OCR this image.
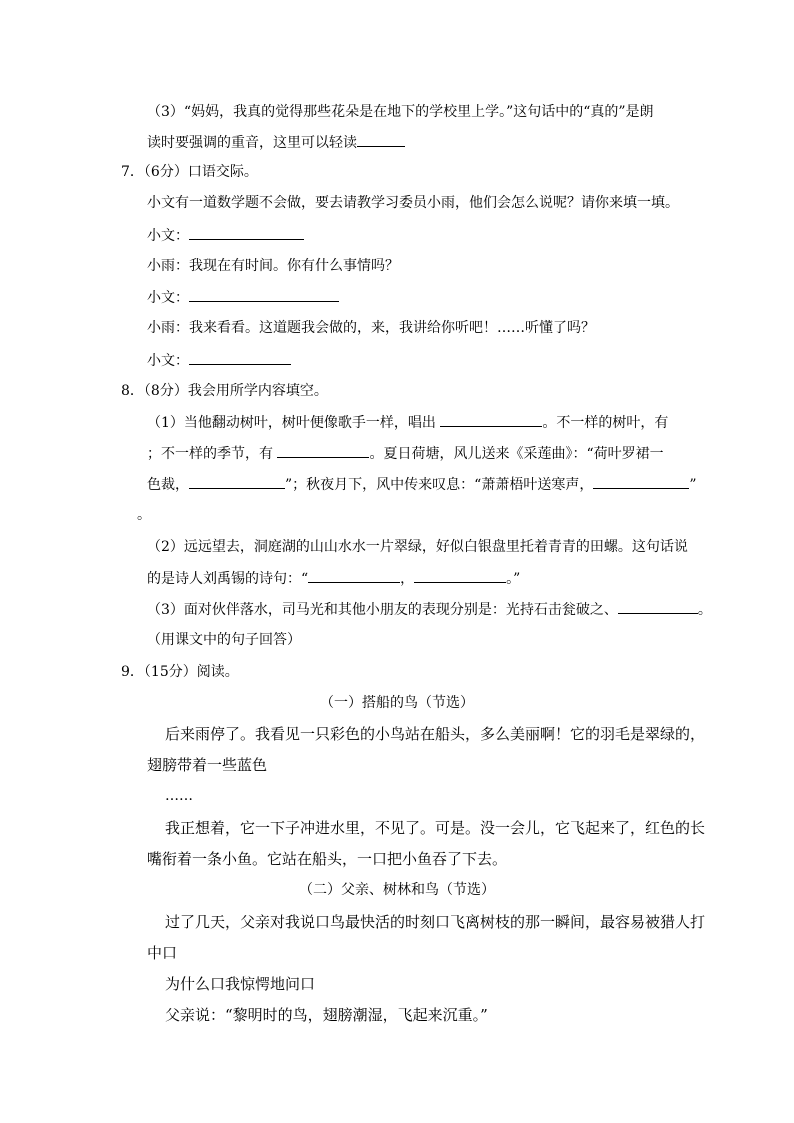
（3）“妈妈，我真的觉得那些花朵是在地下的学校里上学。”这句话中的“真的”是朗
读时要强调的重音，这里可以轻读
7．（6分）口语交际。
小文有一道数学题不会做，要去请教学习委员小雨，他们会怎么说呢？请你来填一填。
小文：
小雨：我现在有时间。你有什么事情吗？
小文：
小雨：我来看看。这道题我会做的，来，我讲给你听吧！……听懂了吗？
小文：
8．（8分）我会用所学内容填空。
（1）当他翻动树叶，树叶便像歌手一样，唱出	。不一样的树叶，有
；不一样的季节，有	。夏日荷塘，风儿送来《采莲曲》：“荷叶罗裙一
色裁，	”；秋夜月下，风中传来叹息：“萧萧梧叶送寒声，	”
。
（2）远远望去，洞庭湖的山山水水一片翠绿，好似白银盘里托着青青的田螺。这句话说
的是诗人刘禹锡的诗句：“	，	。”
（3）面对伙伴落水，司马光和其他小朋友的表现分别是：光持石击瓮破之、	。
（用课文中的句子回答）
9．（15分）阅读。
（一）搭船的鸟（节选）
后来雨停了。我看见一只彩色的小鸟站在船头，多么美丽啊！它的羽毛是翠绿的，
翅膀带着一些蓝色
……
我正想着，它一下子冲进水里，不见了。可是。没一会儿，它飞起来了，红色的长
嘴衔着一条小鱼。它站在船头，一口把小鱼吞了下去。
（二）父亲、树林和鸟（节选）
过了几天，父亲对我说口鸟最快活的时刻口飞离树枝的那一瞬间，最容易被猎人打
中口
为什么口我惊愕地问口
父亲说：“黎明时的鸟，翅膀潮湿，飞起来沉重。”
